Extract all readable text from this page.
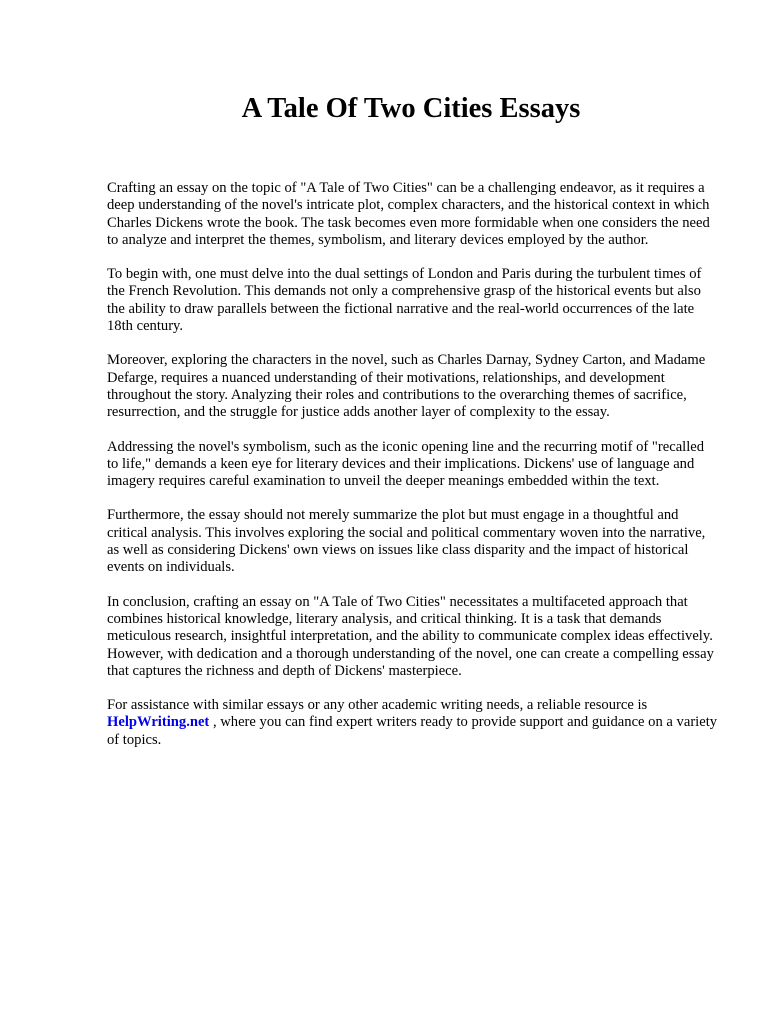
A Tale Of Two Cities Essays

Crafting an essay on the topic of "A Tale of Two Cities" can be a challenging endeavor, as it requires a deep understanding of the novel's intricate plot, complex characters, and the historical context in which Charles Dickens wrote the book. The task becomes even more formidable when one considers the need to analyze and interpret the themes, symbolism, and literary devices employed by the author.

To begin with, one must delve into the dual settings of London and Paris during the turbulent times of the French Revolution. This demands not only a comprehensive grasp of the historical events but also the ability to draw parallels between the fictional narrative and the real-world occurrences of the late 18th century.

Moreover, exploring the characters in the novel, such as Charles Darnay, Sydney Carton, and Madame Defarge, requires a nuanced understanding of their motivations, relationships, and development throughout the story. Analyzing their roles and contributions to the overarching themes of sacrifice, resurrection, and the struggle for justice adds another layer of complexity to the essay.

Addressing the novel's symbolism, such as the iconic opening line and the recurring motif of "recalled to life," demands a keen eye for literary devices and their implications. Dickens' use of language and imagery requires careful examination to unveil the deeper meanings embedded within the text.

Furthermore, the essay should not merely summarize the plot but must engage in a thoughtful and critical analysis. This involves exploring the social and political commentary woven into the narrative, as well as considering Dickens' own views on issues like class disparity and the impact of historical events on individuals.

In conclusion, crafting an essay on "A Tale of Two Cities" necessitates a multifaceted approach that combines historical knowledge, literary analysis, and critical thinking. It is a task that demands meticulous research, insightful interpretation, and the ability to communicate complex ideas effectively. However, with dedication and a thorough understanding of the novel, one can create a compelling essay that captures the richness and depth of Dickens' masterpiece.

For assistance with similar essays or any other academic writing needs, a reliable resource is HelpWriting.net , where you can find expert writers ready to provide support and guidance on a variety of topics.
